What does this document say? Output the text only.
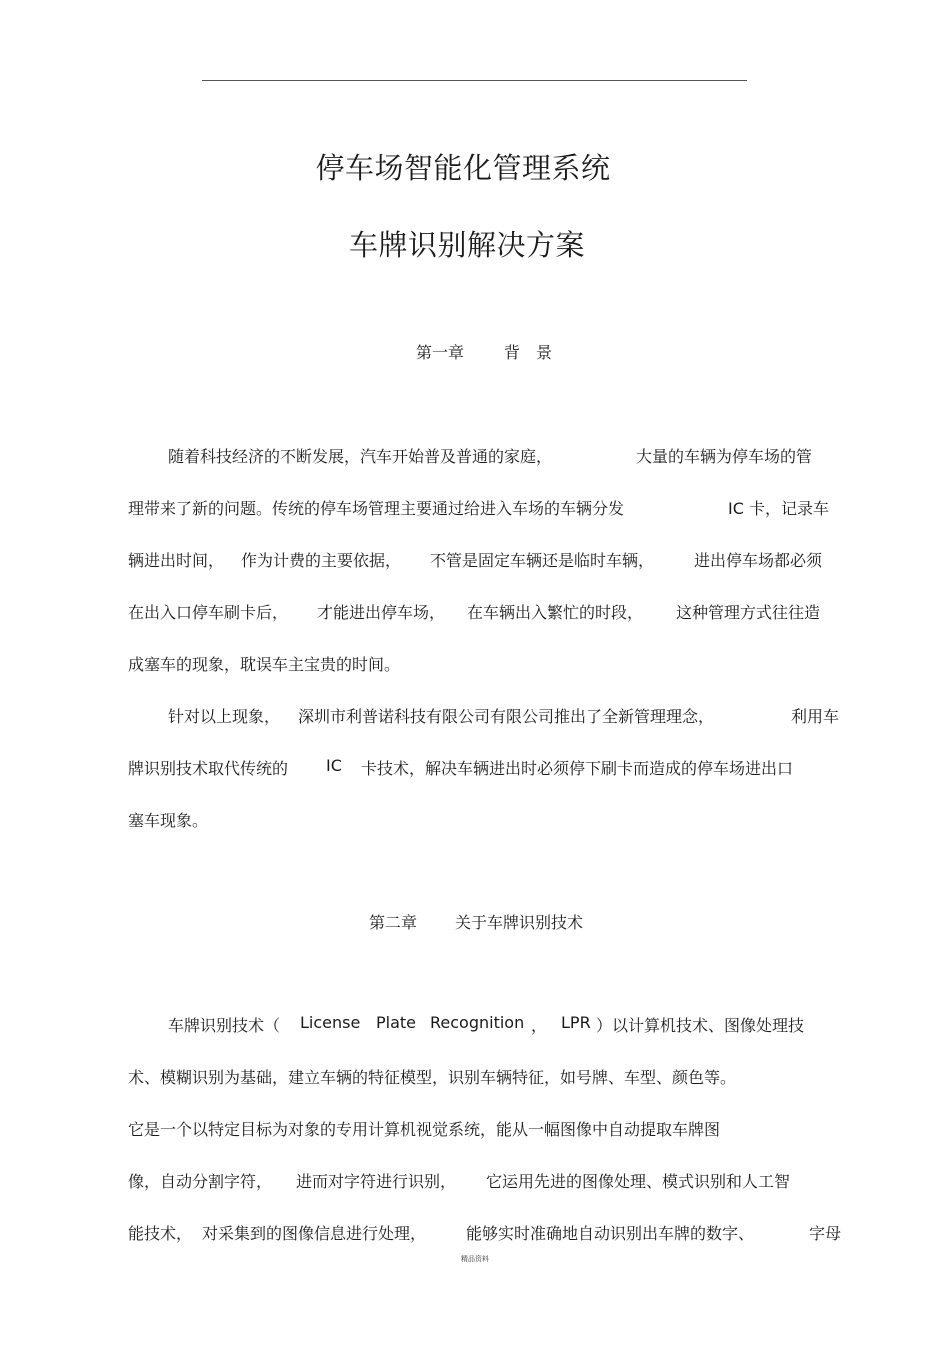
停车场智能化管理系统
车牌识别解决方案
第一章 背　景
随着科技经济的不断发展，汽车开始普及普通的家庭，	大量的车辆为停车场的管
理带来了新的问题。传统的停车场管理主要通过给进入车场的车辆分发	IC 卡，记录车
辆进出时间， 作为计费的主要依据， 不管是固定车辆还是临时车辆， 进出停车场都必须
在出入口停车刷卡后， 才能进出停车场， 在车辆出入繁忙的时段， 这种管理方式往往造
成塞车的现象，耽误车主宝贵的时间。
针对以上现象， 深圳市利普诺科技有限公司有限公司推出了全新管理理念，	利用车
牌识别技术取代传统的 IC 卡技术，解决车辆进出时必须停下刷卡而造成的停车场进出口
塞车现象。
第二章 关于车牌识别技术
车牌识别技术（ License Plate Recognition ， LPR ）以计算机技术、图像处理技
术、模糊识别为基础，建立车辆的特征模型，识别车辆特征，如号牌、车型、颜色等。
它是一个以特定目标为对象的专用计算机视觉系统，能从一幅图像中自动提取车牌图
像，自动分割字符， 进而对字符进行识别， 它运用先进的图像处理、模式识别和人工智
能技术， 对采集到的图像信息进行处理， 能够实时准确地自动识别出车牌的数字、	字母
精品资料
